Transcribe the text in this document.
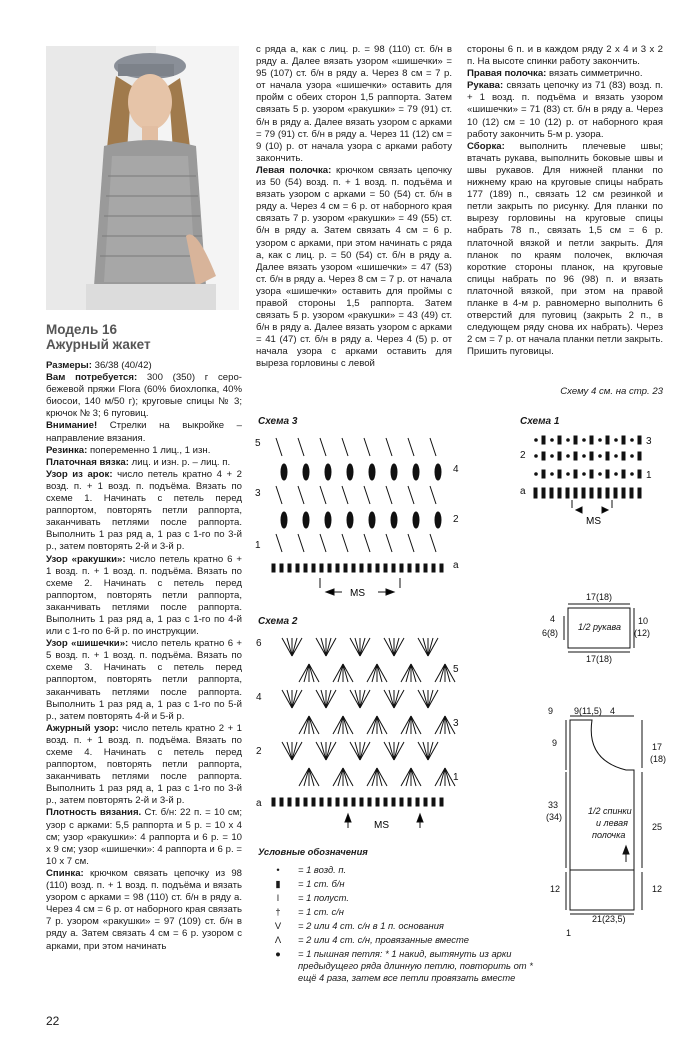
Модель 16
Ажурный жакет

Размеры: 36/38 (40/42)

Вам потребуется: 300 (350) г серо-бежевой пряжи Flora (60% биохлопка, 40% биосои, 140 м/50 г); круговые спицы № 3; крючок № 3; 6 пуговиц.

Внимание! Стрелки на выкройке – направление вязания.

Резинка: попеременно 1 лиц., 1 изн.

Платочная вязка: лиц. и изн. р. – лиц. п.

Узор из арок: число петель кратно 4 + 2 возд. п. + 1 возд. п. подъёма. Вязать по схеме 1. Начинать с петель перед раппортом, повторять петли раппорта, заканчивать петлями после раппорта. Выполнить 1 раз ряд а, 1 раз с 1-го по 3-й р., затем повторять 2-й и 3-й р.

Узор «ракушки»: число петель кратно 6 + 1 возд. п. + 1 возд. п. подъёма. Вязать по схеме 2. Начинать с петель перед раппортом, повторять петли раппорта, заканчивать петлями после раппорта. Выполнить 1 раз ряд а, 1 раз с 1-го по 4-й или с 1-го по 6-й р. по инструкции.

Узор «шишечки»: число петель кратно 6 + 5 возд. п. + 1 возд. п. подъёма. Вязать по схеме 3. Начинать с петель перед раппортом, повторять петли раппорта, заканчивать петлями после раппорта. Выполнить 1 раз ряд а, 1 раз с 1-го по 5-й р., затем повторять 4-й и 5-й р.

Ажурный узор: число петель кратно 2 + 1 возд. п. + 1 возд. п. подъёма. Вязать по схеме 4. Начинать с петель перед раппортом, повторять петли раппорта, заканчивать петлями после раппорта. Выполнить 1 раз ряд а, 1 раз с 1-го по 3-й р., затем повторять 2-й и 3-й р.

Плотность вязания. Ст. б/н: 22 п. = 10 см; узор с арками: 5,5 раппорта и 5 р. = 10 x 4 см; узор «ракушки»: 4 раппорта и 6 р. = 10 x 9 см; узор «шишечки»: 4 раппорта и 6 р. = 10 x 7 см.

Спинка: крючком связать цепочку из 98 (110) возд. п. + 1 возд. п. подъёма и вязать узором с арками = 98 (110) ст. б/н в ряду а. Через 4 см = 6 р. от наборного края связать 7 р. узором «ракушки» = 97 (109) ст. б/н в ряду а. Затем связать 4 см = 6 р. узором с арками, при этом начинать

с ряда а, как с лиц. р. = 98 (110) ст. б/н в ряду а. Далее вязать узором «шишечки» = 95 (107) ст. б/н в ряду а. Через 8 см = 7 р. от начала узора «шишечки» оставить для пройм с обеих сторон 1,5 раппорта. Затем связать 5 р. узором «ракушки» = 79 (91) ст. б/н в ряду а. Далее вязать узором с арками = 79 (91) ст. б/н в ряду а. Через 11 (12) см = 9 (10) р. от начала узора с арками работу закончить.

Левая полочка: крючком связать цепочку из 50 (54) возд. п. + 1 возд. п. подъёма и вязать узором с арками = 50 (54) ст. б/н в ряду а. Через 4 см = 6 р. от наборного края связать 7 р. узором «ракушки» = 49 (55) ст. б/н в ряду а. Затем связать 4 см = 6 р. узором с арками, при этом начинать с ряда а, как с лиц. р. = 50 (54) ст. б/н в ряду а. Далее вязать узором «шишечки» = 47 (53) ст. б/н в ряду а. Через 8 см = 7 р. от начала узора «шишечки» оставить для проймы с правой стороны 1,5 раппорта. Затем связать 5 р. узором «ракушки» = 43 (49) ст. б/н в ряду а. Далее вязать узором с арками = 41 (47) ст. б/н в ряду а. Через 4 (5) р. от начала узора с арками оставить для выреза горловины с левой

стороны 6 п. и в каждом ряду 2 x 4 и 3 x 2 п. На высоте спинки работу закончить.

Правая полочка: вязать симметрично.

Рукава: связать цепочку из 71 (83) возд. п. + 1 возд. п. подъёма и вязать узором «шишечки» = 71 (83) ст. б/н в ряду а. Через 10 (12) см = 10 (12) р. от наборного края работу закончить 5-м р. узора.

Сборка: выполнить плечевые швы; втачать рукава, выполнить боковые швы и швы рукавов. Для нижней планки по нижнему краю на круговые спицы набрать 177 (189) п., связать 12 см резинкой и петли закрыть по рисунку. Для планки по вырезу горловины на круговые спицы набрать 78 п., связать 1,5 см = 6 р. платочной вязкой и петли закрыть. Для планок по краям полочек, включая короткие стороны планок, на круговые спицы набрать по 96 (98) п. и вязать платочной вязкой, при этом на правой планке в 4-м р. равномерно выполнить 6 отверстий для пуговиц (закрыть 2 п., в следующем ряду снова их набрать). Через 2 см = 7 р. от начала планки петли закрыть. Пришить пуговицы.

Схему 4 см. на стр. 23
Схема 3
5
3
1
4
2
a
MS
Схема 1
2
a
3
1
MS
Схема 2
6
4
2
a
5
3
1
MS
17(18)
17(18)
4
6(8)
10
(12)
1/2 рукава
9 9(11,5) 4
9
33
(34)
12
17
(18)
25
12
21(23,5)
1
1/2 спинки
и левая
полочка
Условные обозначения
•	= 1 возд. п.
▮	= 1 ст. б/н
ǀ	= 1 полуст.
†	= 1 ст. с/н
V	= 2 или 4 ст. с/н в 1 п. основания
Λ	= 2 или 4 ст. с/н, провязанные вместе
●	= 1 пышная петля: * 1 накид, вытянуть из арки предыдущего ряда длинную петлю, повторить от * ещё 4 раза, затем все петли провязать вместе
22
